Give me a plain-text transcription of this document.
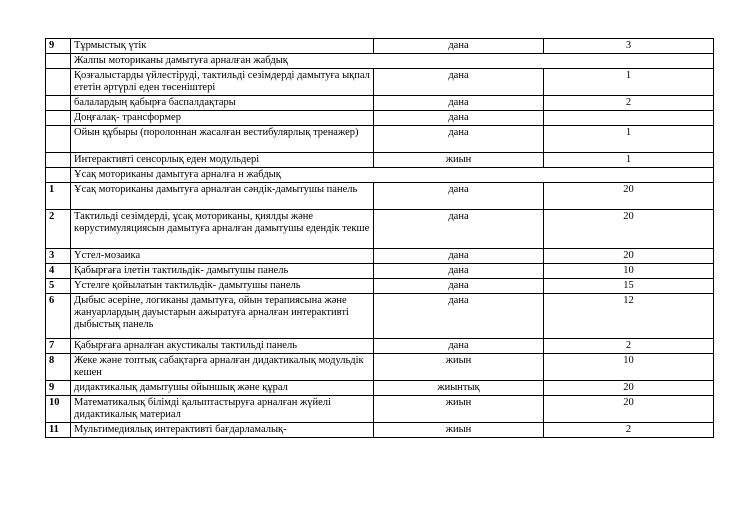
9	Тұрмыстық үтік	дана	3
	Жалпы моториканы дамытуға арналған жабдық		
	Қозғалыстарды үйлестіруді, тактильді сезімдерді дамытуға ықпал ететін әртүрлі еден төсеніштері	дана	1
	балалардың қабырға баспалдақтары	дана	2
	Доңғалақ- трансформер	дана	
	Ойын құбыры (поролоннан жасалған вестибулярлық тренажер)	дана	1
	Интерактивті сенсорлық еден модульдері	жиын	1
	Ұсақ моториканы дамытуға арналға н жабдық		
1	Ұсақ моториканы дамытуға арналған сәндік-дамытушы панель	дана	20
2	Тактильді сезімдерді, ұсақ моториканы, қиялды және көрустимуляциясын дамытуға арналған дамытушы едендік текше	дана	20
3	Үстел-мозаика	дана	20
4	Қабырғаға ілетін тактильдік- дамытушы панель	дана	10
5	Үстелге қойылатын тактильдік- дамытушы панель	дана	15
6	Дыбыс әсеріне, логиканы дамытуға, ойын терапиясына және жануарлардың дауыстарын ажыратуға арналған интерактивті дыбыстық панель	дана	12
7	Қабырғаға арналған акустикалы тактильді панель	дана	2
8	Жеке және топтық сабақтарға арналған дидактикалық модульдік кешен	жиын	10
9	дидактикалық дамытушы ойыншық және құрал	жиынтық	20
10	Математикалық білімді қалыптастыруға арналған жүйелі дидактикалық материал	жиын	20
11	Мультимедиялық интерактивті бағдарламалық-	жиын	2
